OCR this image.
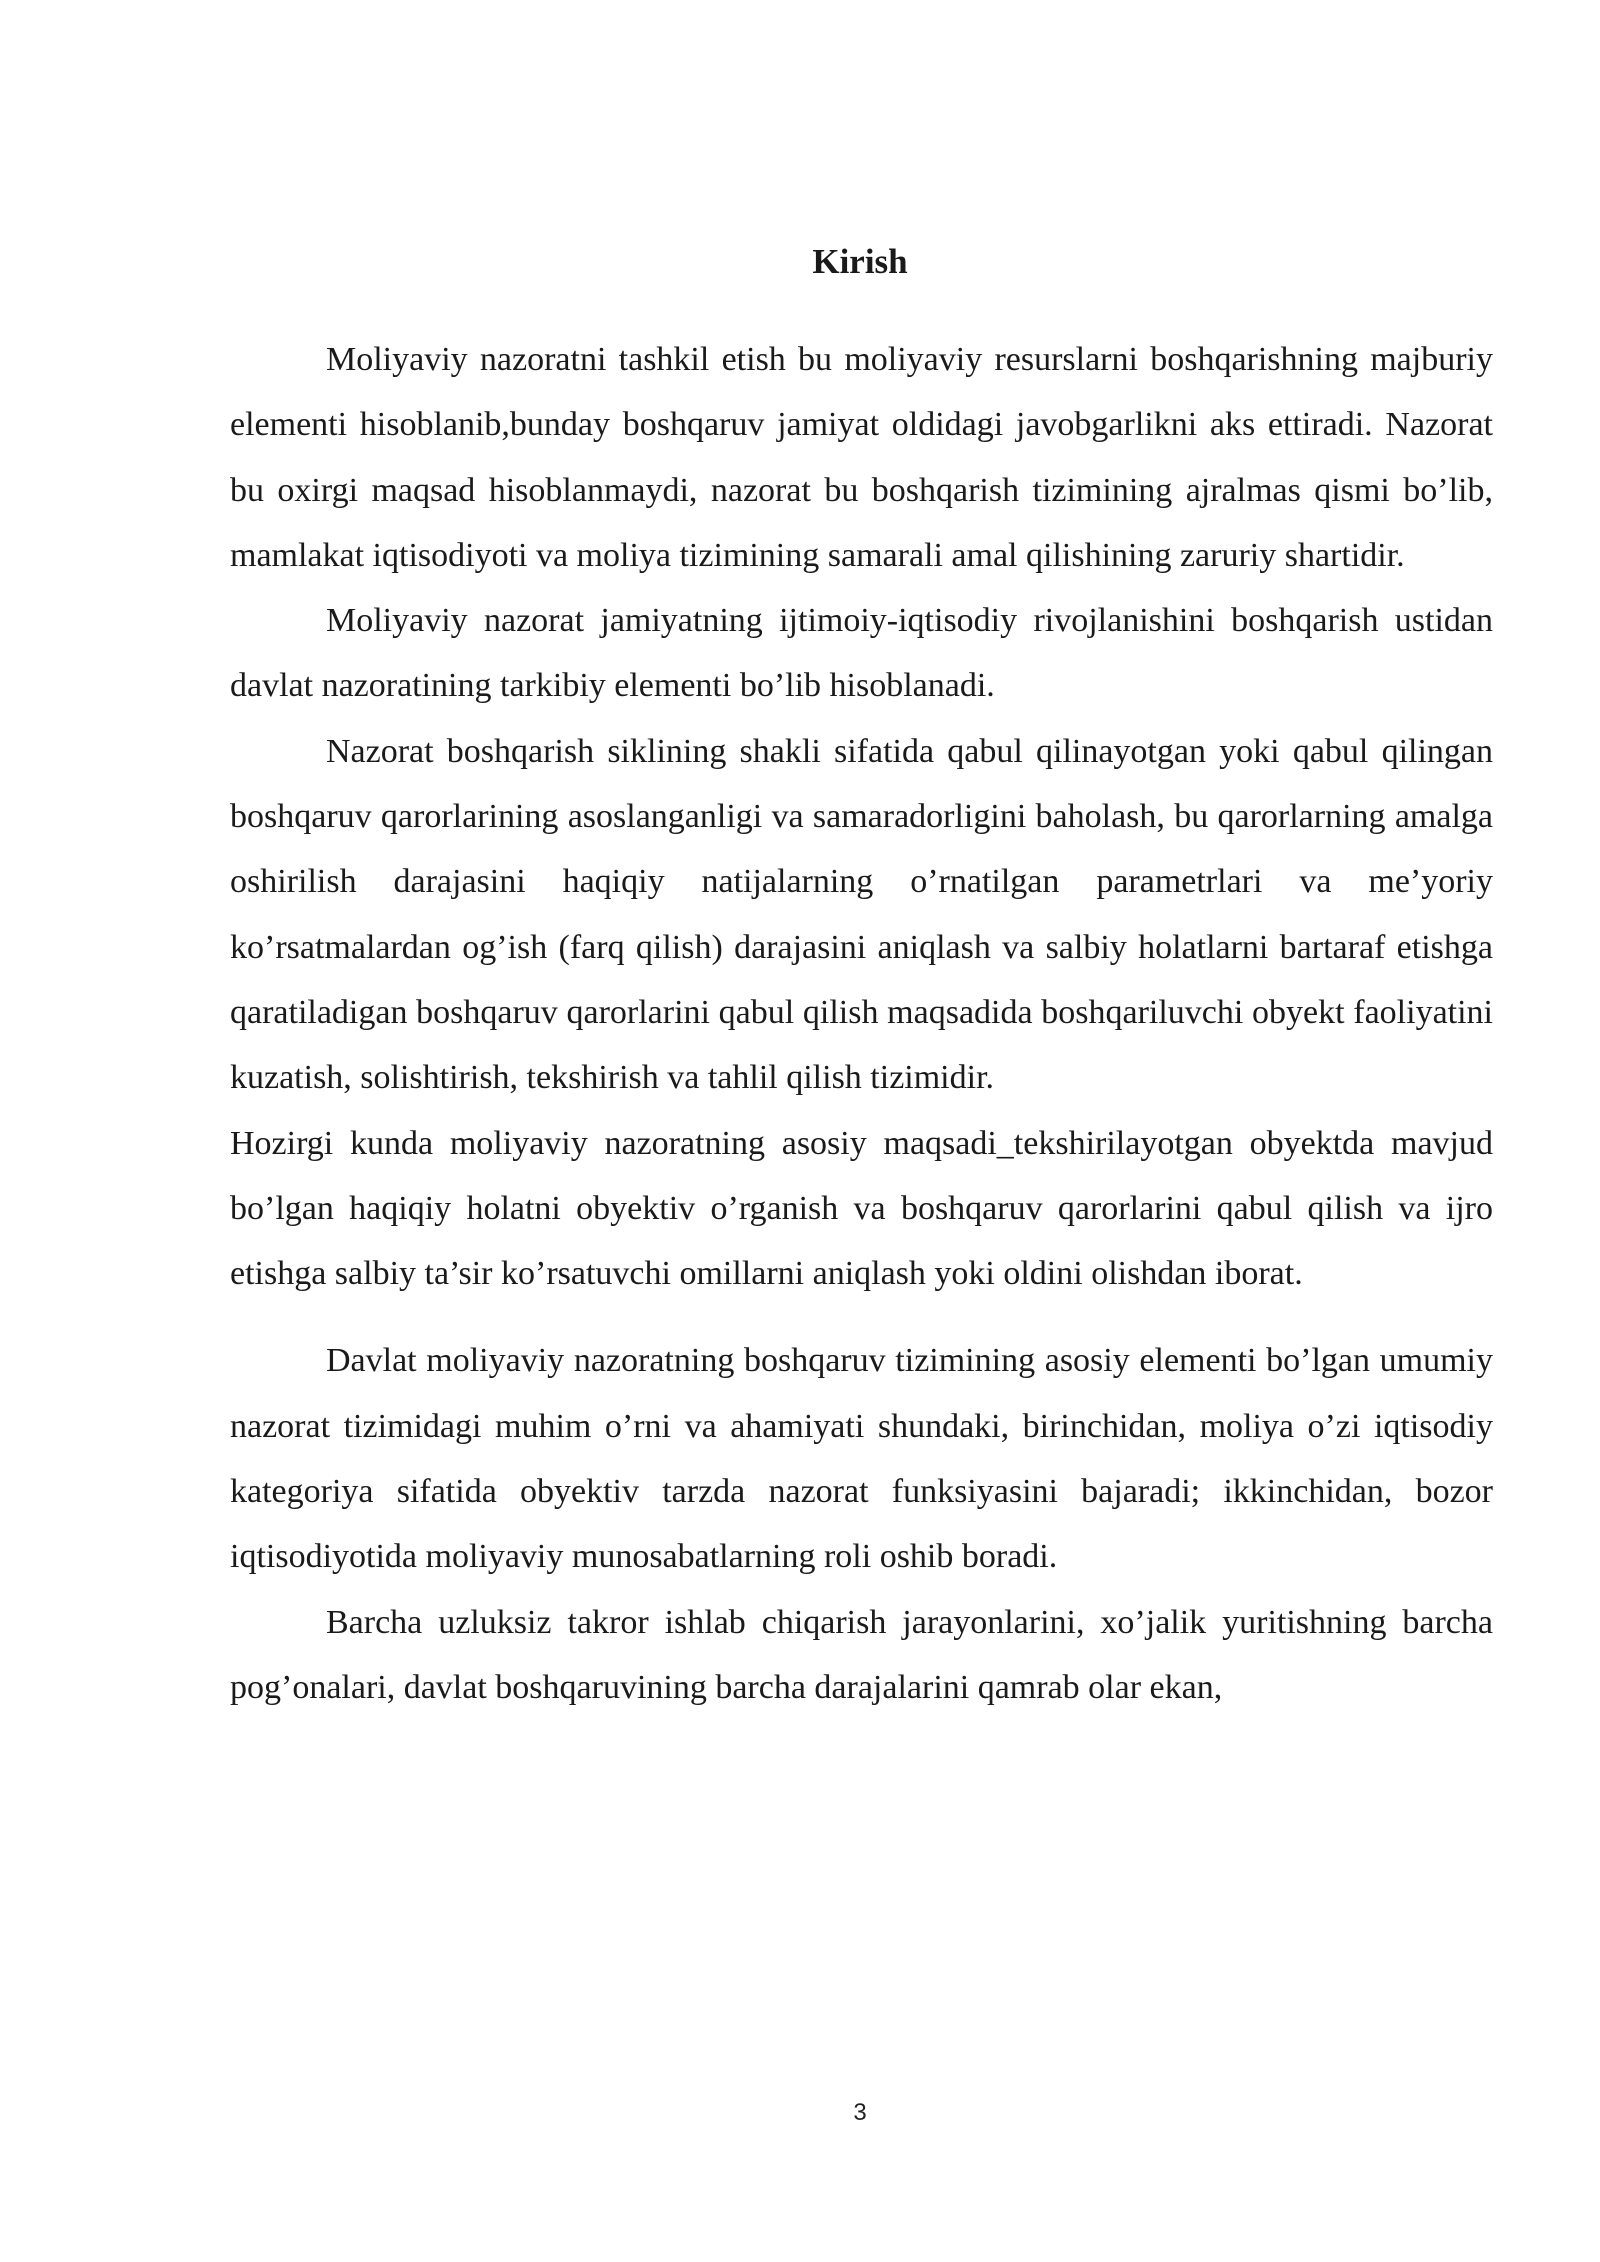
Kirish

Moliyaviy nazoratni tashkil etish bu moliyaviy resurslarni boshqarishning majburiy elementi hisoblanib,bunday boshqaruv jamiyat oldidagi javobgarlikni aks ettiradi. Nazorat bu oxirgi maqsad hisoblanmaydi, nazorat bu boshqarish tizimining ajralmas qismi bo’lib, mamlakat iqtisodiyoti va moliya tizimining samarali amal qilishining zaruriy shartidir.

Moliyaviy nazorat jamiyatning ijtimoiy-iqtisodiy rivojlanishini boshqarish ustidan davlat nazoratining tarkibiy elementi bo’lib hisoblanadi.

Nazorat boshqarish siklining shakli sifatida qabul qilinayotgan yoki qabul qilingan boshqaruv qarorlarining asoslanganligi va samaradorligini baholash, bu qarorlarning amalga oshirilish darajasini haqiqiy natijalarning o’rnatilgan parametrlari va me’yoriy ko’rsatmalardan og’ish (farq qilish) darajasini aniqlash va salbiy holatlarni bartaraf etishga qaratiladigan boshqaruv qarorlarini qabul qilish maqsadida boshqariluvchi obyekt faoliyatini kuzatish, solishtirish, tekshirish va tahlil qilish tizimidir.

Hozirgi kunda moliyaviy nazoratning asosiy maqsadi_tekshirilayotgan obyektda mavjud bo’lgan haqiqiy holatni obyektiv o’rganish va boshqaruv qarorlarini qabul qilish va ijro etishga salbiy ta’sir ko’rsatuvchi omillarni aniqlash yoki oldini olishdan iborat.

Davlat moliyaviy nazoratning boshqaruv tizimining asosiy elementi bo’lgan umumiy nazorat tizimidagi muhim o’rni va ahamiyati shundaki, birinchidan, moliya o’zi iqtisodiy kategoriya sifatida obyektiv tarzda nazorat funksiyasini bajaradi; ikkinchidan, bozor iqtisodiyotida moliyaviy munosabatlarning roli oshib boradi.

Barcha uzluksiz takror ishlab chiqarish jarayonlarini, xo’jalik yuritishning barcha pog’onalari, davlat boshqaruvining barcha darajalarini qamrab olar ekan,

3
